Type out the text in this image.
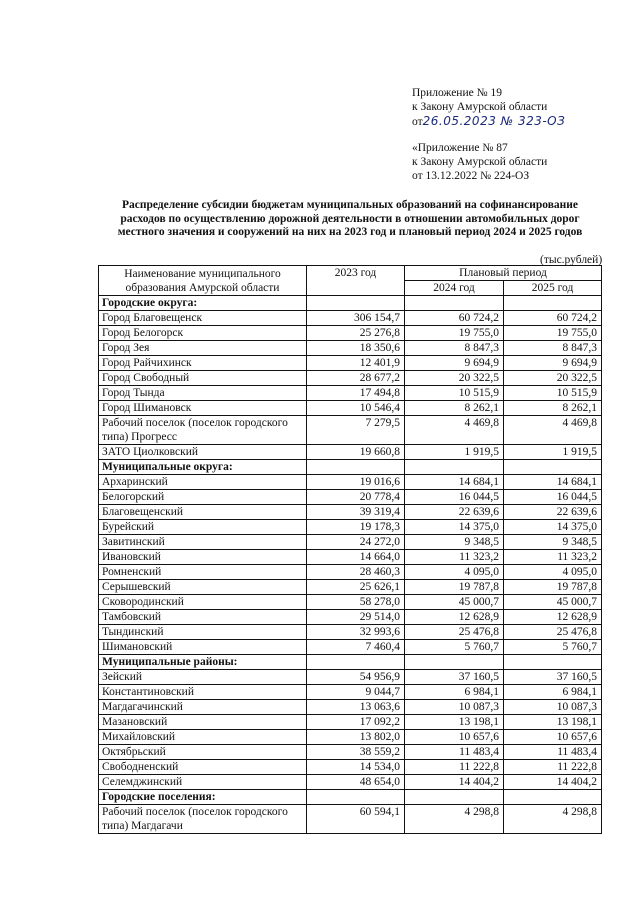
Приложение № 19
к Закону Амурской области
от26.05.2023 № 323-ОЗ
«Приложение № 87
к Закону Амурской области
от 13.12.2022 № 224-ОЗ
Распределение субсидии бюджетам муниципальных образований на софинансирование расходов по осуществлению дорожной деятельности в отношении автомобильных дорог местного значения и сооружений на них на 2023 год и плановый период 2024 и 2025 годов
(тыс.рублей)
Наименование муниципального образования Амурской области	2023 год	Плановый период	
		2024 год	2025 год
Городские округа:			
Город Благовещенск	306 154,7	60 724,2	60 724,2
Город Белогорск	25 276,8	19 755,0	19 755,0
Город Зея	18 350,6	8 847,3	8 847,3
Город Райчихинск	12 401,9	9 694,9	9 694,9
Город Свободный	28 677,2	20 322,5	20 322,5
Город Тында	17 494,8	10 515,9	10 515,9
Город Шимановск	10 546,4	8 262,1	8 262,1
Рабочий поселок (поселок городского типа) Прогресс	7 279,5	4 469,8	4 469,8
ЗАТО Циолковский	19 660,8	1 919,5	1 919,5
Муниципальные округа:			
Архаринский	19 016,6	14 684,1	14 684,1
Белогорский	20 778,4	16 044,5	16 044,5
Благовещенский	39 319,4	22 639,6	22 639,6
Бурейский	19 178,3	14 375,0	14 375,0
Завитинский	24 272,0	9 348,5	9 348,5
Ивановский	14 664,0	11 323,2	11 323,2
Ромненский	28 460,3	4 095,0	4 095,0
Серышевский	25 626,1	19 787,8	19 787,8
Сковородинский	58 278,0	45 000,7	45 000,7
Тамбовский	29 514,0	12 628,9	12 628,9
Тындинский	32 993,6	25 476,8	25 476,8
Шимановский	7 460,4	5 760,7	5 760,7
Муниципальные районы:			
Зейский	54 956,9	37 160,5	37 160,5
Константиновский	9 044,7	6 984,1	6 984,1
Магдагачинский	13 063,6	10 087,3	10 087,3
Мазановский	17 092,2	13 198,1	13 198,1
Михайловский	13 802,0	10 657,6	10 657,6
Октябрьский	38 559,2	11 483,4	11 483,4
Свободненский	14 534,0	11 222,8	11 222,8
Селемджинский	48 654,0	14 404,2	14 404,2
Городские поселения:			
Рабочий поселок (поселок городского типа) Магдагачи	60 594,1	4 298,8	4 298,8
